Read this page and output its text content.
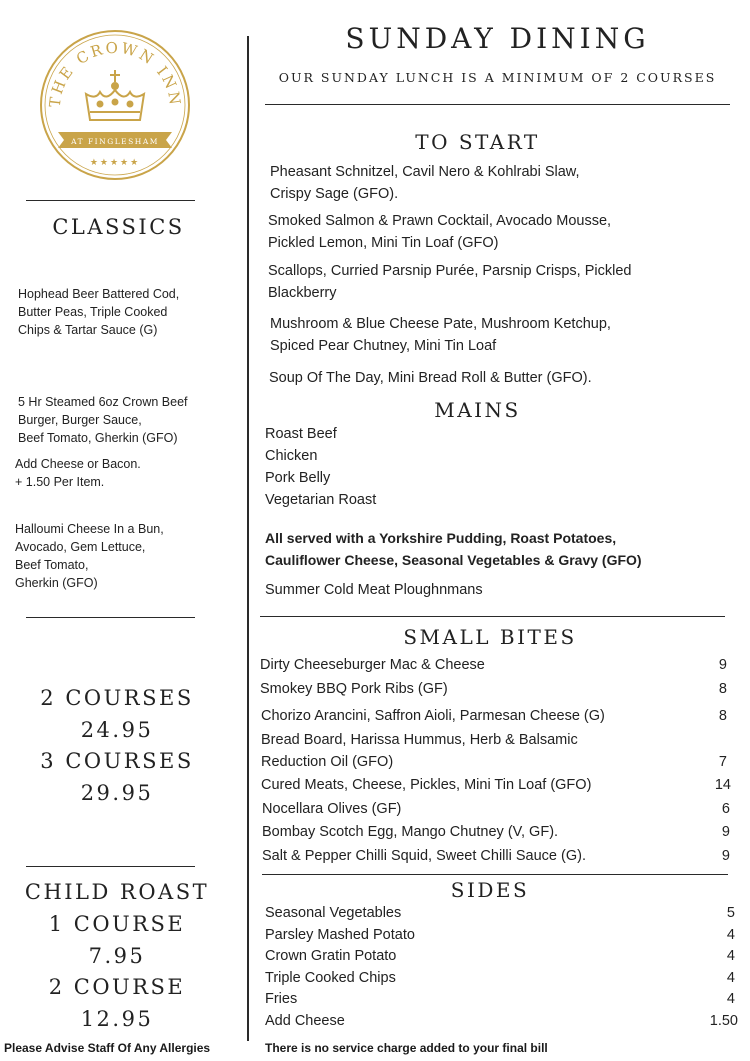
THE CROWN INN
AT FINGLESHAM
★★★★★
CLASSICS
Hophead Beer Battered Cod,
Butter Peas, Triple Cooked
Chips & Tartar Sauce (G)
5 Hr Steamed 6oz Crown Beef
Burger, Burger Sauce,
Beef Tomato, Gherkin (GFO)
Add Cheese or Bacon.
+ 1.50 Per Item.
Halloumi Cheese In a Bun,
Avocado, Gem Lettuce,
Beef Tomato,
Gherkin (GFO)
2 COURSES
24.95
3 COURSES
29.95
CHILD ROAST
1 COURSE
7.95
2 COURSE
12.95
Please Advise Staff Of Any Allergies
SUNDAY DINING
OUR SUNDAY LUNCH IS A MINIMUM OF 2 COURSES
TO START
Pheasant Schnitzel, Cavil Nero & Kohlrabi Slaw,
Crispy Sage (GFO).
Smoked Salmon & Prawn Cocktail, Avocado Mousse,
Pickled Lemon, Mini Tin Loaf (GFO)
Scallops, Curried Parsnip Purée, Parsnip Crisps, Pickled
Blackberry
Mushroom & Blue Cheese Pate, Mushroom Ketchup,
Spiced Pear Chutney, Mini Tin Loaf
Soup Of The Day, Mini Bread Roll & Butter (GFO).
MAINS
Roast Beef
Chicken
Pork Belly
Vegetarian Roast
All served with a Yorkshire Pudding, Roast Potatoes,
Cauliflower Cheese, Seasonal Vegetables & Gravy (GFO)
Summer Cold Meat Ploughnmans
SMALL BITES
Dirty Cheeseburger Mac & Cheese	9
Smokey BBQ Pork Ribs (GF)	8
Chorizo Arancini, Saffron Aioli, Parmesan Cheese (G)	8
Bread Board, Harissa Hummus, Herb & Balsamic
Reduction Oil (GFO)	7
Cured Meats, Cheese, Pickles, Mini Tin Loaf (GFO)	14
Nocellara Olives (GF)	6
Bombay Scotch Egg, Mango Chutney (V, GF).	9
Salt & Pepper Chilli Squid, Sweet Chilli Sauce (G).	9
SIDES
Seasonal Vegetables	5
Parsley Mashed Potato	4
Crown Gratin Potato	4
Triple Cooked Chips	4
Fries	4
Add Cheese	1.50
There is no service charge added to your final bill
